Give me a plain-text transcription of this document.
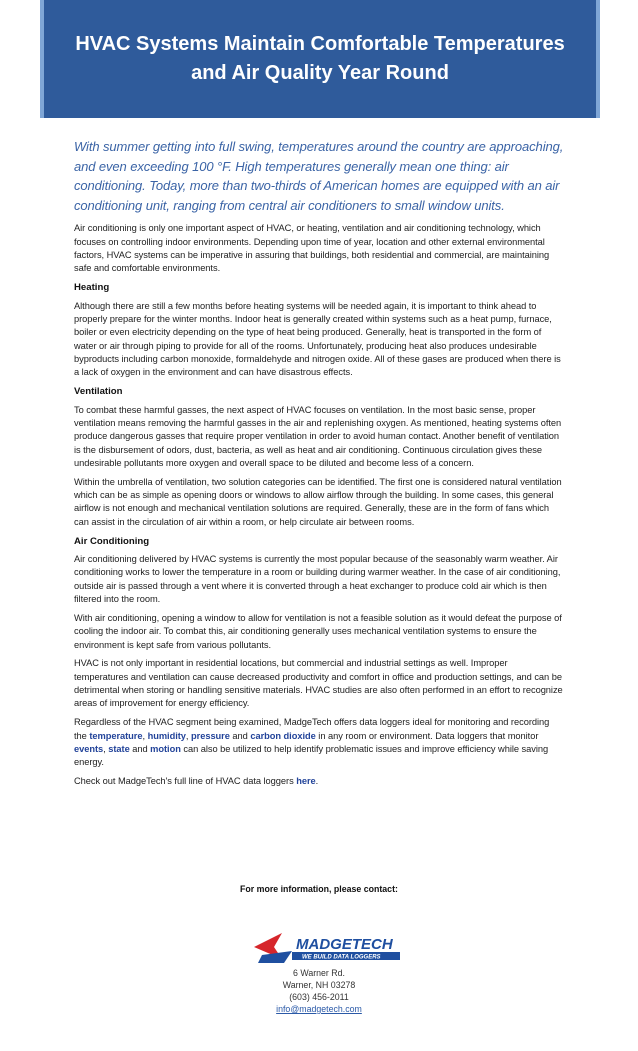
HVAC Systems Maintain Comfortable Temperatures and Air Quality Year Round

With summer getting into full swing, temperatures around the country are approaching, and even exceeding 100 °F. High temperatures generally mean one thing: air conditioning. Today, more than two-thirds of American homes are equipped with an air conditioning unit, ranging from central air conditioners to small window units.

Air conditioning is only one important aspect of HVAC, or heating, ventilation and air conditioning technology, which focuses on controlling indoor environments. Depending upon time of year, location and other external environmental factors, HVAC systems can be imperative in assuring that buildings, both residential and commercial, are maintaining safe and comfortable environments.

Heating

Although there are still a few months before heating systems will be needed again, it is important to think ahead to properly prepare for the winter months. Indoor heat is generally created within systems such as a heat pump, furnace, boiler or even electricity depending on the type of heat being produced. Generally, heat is transported in the form of water or air through piping to provide for all of the rooms. Unfortunately, producing heat also produces undesirable byproducts including carbon monoxide, formaldehyde and nitrogen oxide. All of these gases are produced when there is a lack of oxygen in the environment and can have disastrous effects.

Ventilation

To combat these harmful gasses, the next aspect of HVAC focuses on ventilation. In the most basic sense, proper ventilation means removing the harmful gasses in the air and replenishing oxygen. As mentioned, heating systems often produce dangerous gasses that require proper ventilation in order to avoid human contact. Another benefit of ventilation is the disbursement of odors, dust, bacteria, as well as heat and air conditioning. Continuous circulation gives these undesirable pollutants more oxygen and overall space to be diluted and become less of a concern.

Within the umbrella of ventilation, two solution categories can be identified. The first one is considered natural ventilation which can be as simple as opening doors or windows to allow airflow through the building. In some cases, this general airflow is not enough and mechanical ventilation solutions are required. Generally, these are in the form of fans which can assist in the circulation of air within a room, or help circulate air between rooms.

Air Conditioning

Air conditioning delivered by HVAC systems is currently the most popular because of the seasonably warm weather. Air conditioning works to lower the temperature in a room or building during warmer weather. In the case of air conditioning, outside air is passed through a vent where it is converted through a heat exchanger to produce cold air which is then filtered into the room.

With air conditioning, opening a window to allow for ventilation is not a feasible solution as it would defeat the purpose of cooling the indoor air. To combat this, air conditioning generally uses mechanical ventilation systems to ensure the environment is kept safe from various pollutants.

HVAC is not only important in residential locations, but commercial and industrial settings as well. Improper temperatures and ventilation can cause decreased productivity and comfort in office and production settings, and can be detrimental when storing or handling sensitive materials. HVAC studies are also often performed in an effort to recognize areas of improvement for energy efficiency.

Regardless of the HVAC segment being examined, MadgeTech offers data loggers ideal for monitoring and recording the temperature, humidity, pressure and carbon dioxide in any room or environment. Data loggers that monitor events, state and motion can also be utilized to help identify problematic issues and improve efficiency while saving energy.

Check out MadgeTech's full line of HVAC data loggers here.

For more information, please contact:
MADGETECH
WE BUILD DATA LOGGERS
6 Warner Rd.
Warner, NH 03278
(603) 456-2011
info@madgetech.com
